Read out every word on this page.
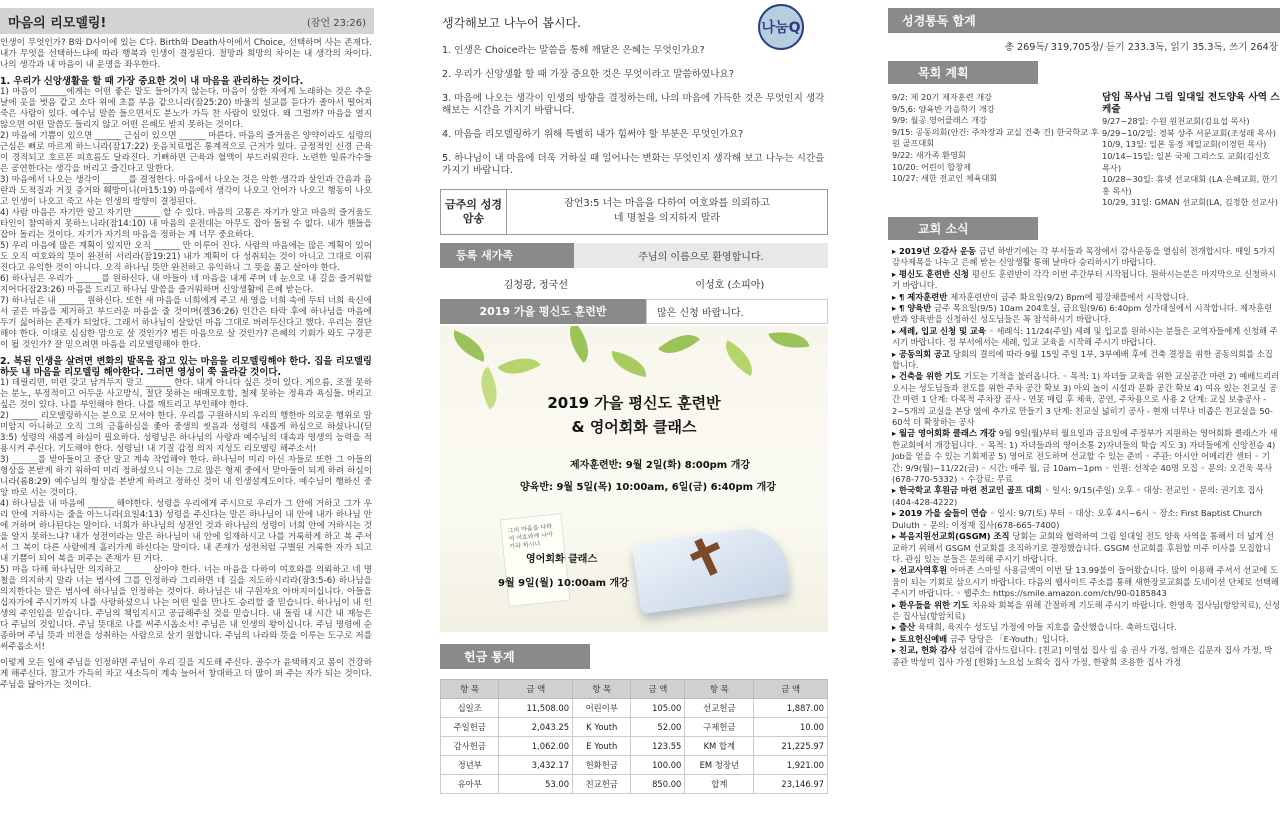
마음의 리모델링!	(잠언 23:26)

인생이 무엇인가? B와 D사이에 있는 C다. Birth와 Death사이에서 Choice, 선택하며 사는 존재다. 내가 무엇을 선택하느냐에 따라 행복과 인생이 결정된다. 절망과 희망의 차이는 내 생각의 차이다. 나의 생각과 내 마음이 내 운명을 좌우한다.

1. 우리가 신앙생활을 할 때 가장 중요한 것이 내 마음을 관리하는 것이다.

1) 마음이 ______에게는 어떤 좋은 말도 들어가지 않는다. 마음이 상한 자에게 노래하는 것은 추운 날에 옷을 벗음 같고 소다 위에 초를 부음 같으니라(잠25:20) 바울의 설교를 듣다가 졸아서 떨어져 죽은 사람이 있다. 예수님 말씀 들으면서도 분노가 가득 찬 사람이 있었다. 왜 그럴까? 마음을 열지 않으면 어떤 말씀도 들리지 않고 어떤 은혜도 받지 못하는 것이다.

2) 마음에 기쁨이 있으면 ______ 근심이 있으면 ______ 마른다. 마음의 즐거움은 양약이라도 심령의 근심은 뼈로 마르게 하느니라(잠17:22) 웃음치료법은 통계적으로 근거가 있다. 긍정적인 신경 근육이 경직되고 호르몬 피흐름도 달라진다. 기뻐하면 근육과 혈액이 부드러워진다. 노련한 일류가수들은 공연한다는 생각을 버리고 즐긴다고 말한다.

3) 마음에서 나오는 생각이 ______를 결정한다. 마음에서 나오는 것은 악한 생각과 살인과 간음과 음란과 도적질과 거짓 증거와 훼방이니(마15:19) 마음에서 생각이 나오고 언어가 나오고 행동이 나오고 인생이 나오고 죽고 사는 인생의 방향이 결정된다.

4) 사람 마음은 자기만 알고 자기만 ______ 할 수 있다. 마음의 고통은 자기가 알고 마음의 즐거움도 타인이 참여하지 못하느니라(잠14:10) 내 마음의 운전대는 아무도 잡아 돌릴 수 없다. 내가 핸들을 잡아 돌리는 것이다. 자기가 자기의 마음을 정하는 게 너무 중요하다.

5) 우리 마음에 많은 계획이 있지만 오직 ______ 만 이루어 진다. 사람의 마음에는 많은 계획이 있어도 오직 여호와의 뜻이 완전히 서리라(잠19:21) 내가 계획이 다 성취되는 것이 아니고 그대로 이뤄진다고 유익한 것이 아니다. 오직 하나님 뜻만 완전하고 유익하니 그 뜻을 품고 살아야 한다.

6) 하나님은 우리가 ______를 원하신다. 내 아들아 네 마음을 내게 주며 네 눈으로 내 길을 즐거워할지어다(잠23:26) 마음을 드리고 하나님 말씀을 즐거워하며 신앙생활에 은혜 받는다.

7) 하나님은 내 ______ 원하신다. 또한 새 마음을 너희에게 주고 새 영을 너희 속에 두되 너희 육신에서 굳은 마음을 제거하고 부드러운 마음을 줄 것이며(겔36:26) 인간은 타락 후에 하나님을 마음에 두기 싫어하는 존재가 되었다. 그래서 하나님이 살았던 마음 그대로 버려두신다고 했다. 우리는 결단해야 한다. 이대로 심심한 맘으로 살 것인가? 병든 마음으로 살 것인가? 은혜의 기회가 와도 구경꾼이 될 것인가? 잘 믿으려면 마음을 리모델링해야 한다.

2. 복된 인생을 살려면 변화의 발목을 잡고 있는 마음을 리모델링해야 한다. 집을 리모델링하듯 내 마음을 리모델링 해야한다. 그러면 영성이 쭉 올라갈 것이다.

1) 데릴리면, 미련 갖고 남겨두지 말고 ______ 한다. 내게 아니다 싶은 것이 있다. 게으름, 조절 못하는 분노, 부정적이고 어두운 사고방식, 절단 못하는 애매모호함, 철제 못하는 정욕과 욕심들. 버리고 싶은 것이 있다. 나를 부인해야 한다. 나를 깨트리고 부인해야 한다.

2) ______ 리모델링하시는 분으로 모셔야 한다. 우리를 구원하시되 우리의 행한바 의로운 행위로 말미암지 아니하고 오직 그의 긍휼하심을 좇아 중생의 씻음과 성령의 새롭게 하심으로 하셨나니(딛3:5) 성령의 새롭게 하심이 필요하다. 성령님은 하나님의 사랑과 예수님의 대속과 영생의 능력을 적용시켜 주신다. 기도해야 한다. 성령님! 내 기질 감정 의지 지성도 리모델링 해주소서!

3) ______를 받아들이고 중단 말고 계속 작업해야 한다. 하나님이 미리 아신 자들로 또한 그 아들의 형상을 본받게 하기 위하여 미리 정하셨으니 이는 그로 많은 형제 중에서 맏아들이 되게 하려 하심이니라(롬8:29) 예수님의 형상을 본받게 하려고 정하신 것이 내 인생설계도이다. 예수님이 행하신 중앙 바로 서는 것이다.

4) 하나님을 내 마음에 ______ 해야한다. 성령을 우리에게 주시므로 우리가 그 안에 거하고 그가 우리 안에 거하시는 줄을 아느니라(요일4:13) 성령을 주신다는 말은 하나님이 내 안에 내가 하나님 안에 거하며 하나된다는 말이다. 너희가 하나님의 성전인 것과 하나님의 성령이 너희 안에 거하시는 것을 알지 못하느냐? 내가 성전이라는 말은 하나님이 내 안에 임재하시고 나를 거룩하게 하고 복 주셔서 그 복이 다른 사람에게 흘러가게 하신다는 말이다. 내 존재가 성전처럼 구별된 거룩한 자가 되고 내 기쁨이 되어 복을 퍼주는 존재가 된 거다.

5) 마음 다해 하나님만 의지하고 ______ 살아야 한다. 너는 마음을 다하여 여호와를 의뢰하고 네 명철을 의지하지 말라 너는 범사에 그를 인정하라 그리하면 네 길을 지도하시리라(잠3:5-6) 하나님을 의지한다는 말은 범사에 하나님을 인정하는 것이다. 하나님은 내 구원자요 아버지이십니다. 아들을 십자가에 주시기까지 나를 사랑하셨으니 나는 어떤 일을 만나도 승리할 줄 믿습니다. 하나님이 내 인생의 주인임을 믿습니다. 주님의 책임지시고 공급해주실 것을 믿습니다. 내 돌림 내 시간 내 재능은 다 주님의 것입니다. 주님 뜻대로 나를 써주시옵소서! 주님은 내 인생의 왕이십니다. 주님 명령에 순종하며 주님 뜻과 비전을 성취하는 사람으로 살기 원합니다. 주님의 나라와 뜻을 이루는 도구로 저를 써주옵소서!

이렇게 모든 일에 주님을 인정하면 주님이 우리 길을 지도해 주신다. 골수가 윤택해지고 몸이 건강하게 해주신다. 참고가 가득히 차고 새소득이 계속 늘어서 창대하고 더 많이 퍼 주는 자가 되는 것이다. 주님을 닮아가는 것이다.

생각해보고 나누어 봅시다.	나눔Q
1. 인생은 Choice라는 말씀을 통해 깨달은 은혜는 무엇인가요?
2. 우리가 신앙생활 할 때 가장 중요한 것은 무엇이라고 말씀하였나요?
3. 마음에 나오는 생각이 인생의 방향을 결정하는데, 나의 마음에 가득한 것은 무엇인지 생각해보는 시간을 가지기 바랍니다.
4. 마음을 리모델링하기 위해 특별히 내가 힘써야 할 부분은 무엇인가요?
5. 하나님이 내 마음에 더욱 거하실 때 일어나는 변화는 무엇인지 생각해 보고 나누는 시간을 가지기 바랍니다.
금주의 성경암송
잠언3:5 너는 마음을 다하여 여호와를 의뢰하고
네 명철을 의지하지 말라
등록 새가족	주님의 이름으로 환영합니다.
김청광, 정국선	이성호 (소피아)
2019 가을 평신도 훈련반	많은 신청 바랍니다.
2019 가을 평신도 훈련반
& 영어회화 클래스
제자훈련반: 9월 2일(화) 8:00pm 개강
양육반: 9월 5일(목) 10:00am, 6일(금) 6:40pm 개강
그의 마음을 다하여 여호와께 나아가라 하시니
영어회화 클래스
9월 9일(월) 10:00am 개강
헌금 통계
항 목	금 액	항 목	금 액	항 목	금 액
십일조	11,508.00	어린이부	105.00	선교헌금	1,887.00
주일헌금	2,043.25	K Youth	52.00	구제헌금	10.00
감사헌금	1,062.00	E Youth	123.55	KM 합계	21,225.97
정년부	3,432.17	헌화헌금	100.00	EM 청장년	1,921.00
유아부	53.00	친교헌금	850.00	합계	23,146.97
성경통독 합계
총 269독/ 319,705장/ 듣기 233.3독, 읽기 35.3독, 쓰기 264장
목회 계획
9/2: 제 20기 제자훈련 개강
9/5,6: 양육반 가을학기 개강
9/9: 월공 영어클래스 개강
9/15: 공동의회(안건: 주차장과 교실 건축 건) 한국학교 후원 골프대회
9/22: 새가족 환영회
10/20: 어린이 합창제
10/27: 새한 전교인 체육대회
담임 목사님 그림 일대일 전도양육 사역 스케줄
9/27~28일: 수원 원천교회(김요섭 목사)
9/29~10/2일: 경북 상주 서문교회(조성래 목사)
10/9, 13일: 일본 동경 제일교회(이경헌 목사)
10/14~15일: 일본 국제 그리스도 교회(김신호 목사)
10/28~30일: 휴넷 선교대회 (LA 은혜교회, 한기홍 목사)
10/29, 31일: GMAN 선교회(LA, 김정한 선교사)
교회 소식
▸ 2019년 오감사 운동 금년 하반기에는 각 부서들과 목장에서 감사운동을 열심히 전개합시다. 매일 5가지 감사제목을 나누고 은혜 받는 신앙생활 통해 날마다 승리하시기 바랍니다.
▸ 평신도 훈련반 신청 평신도 훈련반이 각각 이번 주간부터 시작됩니다. 원하시는분은 마지막으로 신청하시기 바랍니다.
▸ ¶ 제자훈련반 제자훈련반이 금주 화요일(9/2) 8pm에 평강채플에서 시작합니다.
▸ ¶ 양육반 금주 목요일(9/5) 10am 204호실, 금요일(9/6) 6:40pm 성가대실에서 시작합니다. 제자훈련반과 양육반을 신청하신 성도님들은 꼭 참석하시기 바랍니다.
▸ 세례, 입교 신청 및 교육 ◦ 세례식: 11/24(주일) 세례 및 입교를 원하시는 분들은 교역자들에게 신청해 주시기 바랍니다. 정 부서에서는 세례, 입교 교육을 시작해 주시기 바랍니다.
▸ 공동의회 공고 당회의 결의에 따라 9월 15일 주일 1부, 3부예배 후에 건축 결정을 위한 공동의회를 소집합니다.
▸ 건축을 위한 기도 기도는 기적을 불러옵니다. ◦ 목적: 1) 자녀들 교육을 위한 교실공간 마련 2) 예배드리러 오시는 성도님들과 전도를 위한 주차 공간 확보 3) 아외 놀이 시설과 문화 공간 확보 4) 여유 있는 친교실 공간 마련 1 단계: 다목적 주차장 공사 - 연못 매립 후 체육, 공연, 주차용으로 사용 2 단계: 교실 보충공사 - 2~5개의 교실을 본당 옆에 추가로 만들기 3 단계: 친교실 넓히기 공사 - 현재 너무나 비좁은 친교실을 50-60석 더 확장하는 공사
▸ 월금 영어회화 클래스 개강 9월 9일(월)부터 월요일과 금요일에 주정부가 지원하는 영어회화 클래스가 새한교회에서 개강됩니다. ◦ 목적: 1) 자녀들과의 영어소통 2)자녀들의 학습 지도 3) 자녀들에게 신앙전승 4) Job을 얻을 수 있는 기회제공 5) 영어로 전도하며 선교할 수 있는 준비 ◦ 주관: 아시안 어메리칸 센터 ◦ 기간: 9/9(월)~11/22(금) ◦ 시간: 매주 월, 금 10am~1pm ◦ 인원: 선착순 40명 모집 ◦ 문의: 오건욱 목사(678-770-5332) ◦ 수강료: 무료
▸ 한국학교 후원금 마련 전교인 골프 대회 ◦ 일시: 9/15(주일) 오후 ◦ 대상: 전교인 ◦ 문의: 권기호 집사(404-428-4222)
▸ 2019 가을 숲들이 연습 ◦ 일시: 9/7(토) 부터 ◦ 대상: 오후 4시~6시 ◦ 장소: First Baptist Church Duluth ◦ 문의: 이정재 집사(678-665-7400)
▸ 복음지원선교회(GSGM) 조직 당회는 교회와 협력하여 그림 일대일 전도 양육 사역을 통해서 더 넓게 선교하기 위해서 GSGM 선교회를 조직하기로 결정했습니다. GSGM 선교회를 후원할 미주 이사를 모집합니다. 관심 있는 분들은 문의해 주시기 바랍니다.
▸ 선교사역후원 아마존 스마일 사용금액이 이번 달 13.99불이 들어왔습니다. 많이 이용해 주셔서 선교에 도움이 되는 기회로 삼으시기 바랍니다. 다음의 웹사이트 주소를 통해 새한장로교회를 도네이션 단체로 선택해 주시기 바랍니다. ◦ 웹주소: https://smile.amazon.com/ch/90-0185843
▸ 환우들을 위한 기도 치유와 회복을 위해 간절하게 기도해 주시기 바랍니다. 한영욱 집사님(항암치료), 신성은 집사님(항암치료)
▸ 출산 육태희, 육지수 성도님 가정에 아들 지호를 출산했습니다. 축하드립니다.
▸ 토요헌신예배 금주 당당은 「E-Youth」입니다.
▸ 친교, 헌화 감사 섬김에 감사드립니다. [친교] 이영섭 집사 임 송 권사 가정, 엄재은 김문자 집사 가정, 박종관 박성미 집사 가정 [헌화] 노요섭 노희숙 집사 가정, 한광희 조용한 집사 가정
